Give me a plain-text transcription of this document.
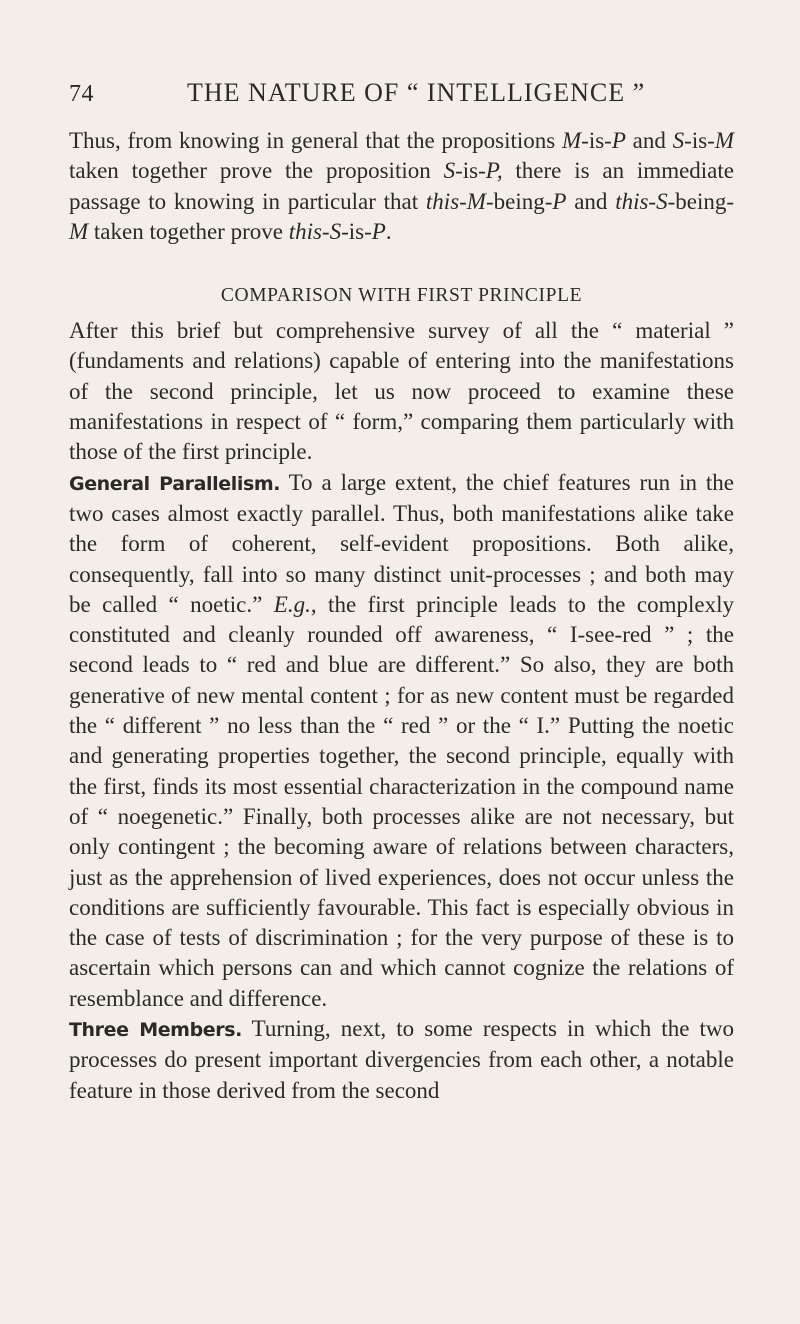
74	THE NATURE OF “ INTELLIGENCE ”

Thus, from knowing in general that the propositions M-is-P and S-is-M taken together prove the proposition S-is-P, there is an immediate passage to knowing in particular that this-M-being-P and this-S-being-M taken together prove this-S-is-P.

COMPARISON WITH FIRST PRINCIPLE

After this brief but comprehensive survey of all the “ material ” (fundaments and relations) capable of entering into the manifestations of the second principle, let us now proceed to examine these manifestations in respect of “ form,” comparing them particularly with those of the first principle.

General Parallelism. To a large extent, the chief features run in the two cases almost exactly parallel. Thus, both manifestations alike take the form of coherent, self-evident propositions. Both alike, consequently, fall into so many distinct unit-processes ; and both may be called “ noetic.” E.g., the first principle leads to the complexly constituted and cleanly rounded off awareness, “ I-see-red ” ; the second leads to “ red and blue are different.” So also, they are both generative of new mental content ; for as new content must be regarded the “ different ” no less than the “ red ” or the “ I.” Putting the noetic and generating properties together, the second principle, equally with the first, finds its most essential characterization in the compound name of “ noegenetic.” Finally, both processes alike are not necessary, but only contingent ; the becoming aware of relations between characters, just as the apprehension of lived experiences, does not occur unless the conditions are sufficiently favourable. This fact is especially obvious in the case of tests of discrimination ; for the very purpose of these is to ascertain which persons can and which cannot cognize the relations of resemblance and difference.

Three Members. Turning, next, to some respects in which the two processes do present important divergencies from each other, a notable feature in those derived from the second
